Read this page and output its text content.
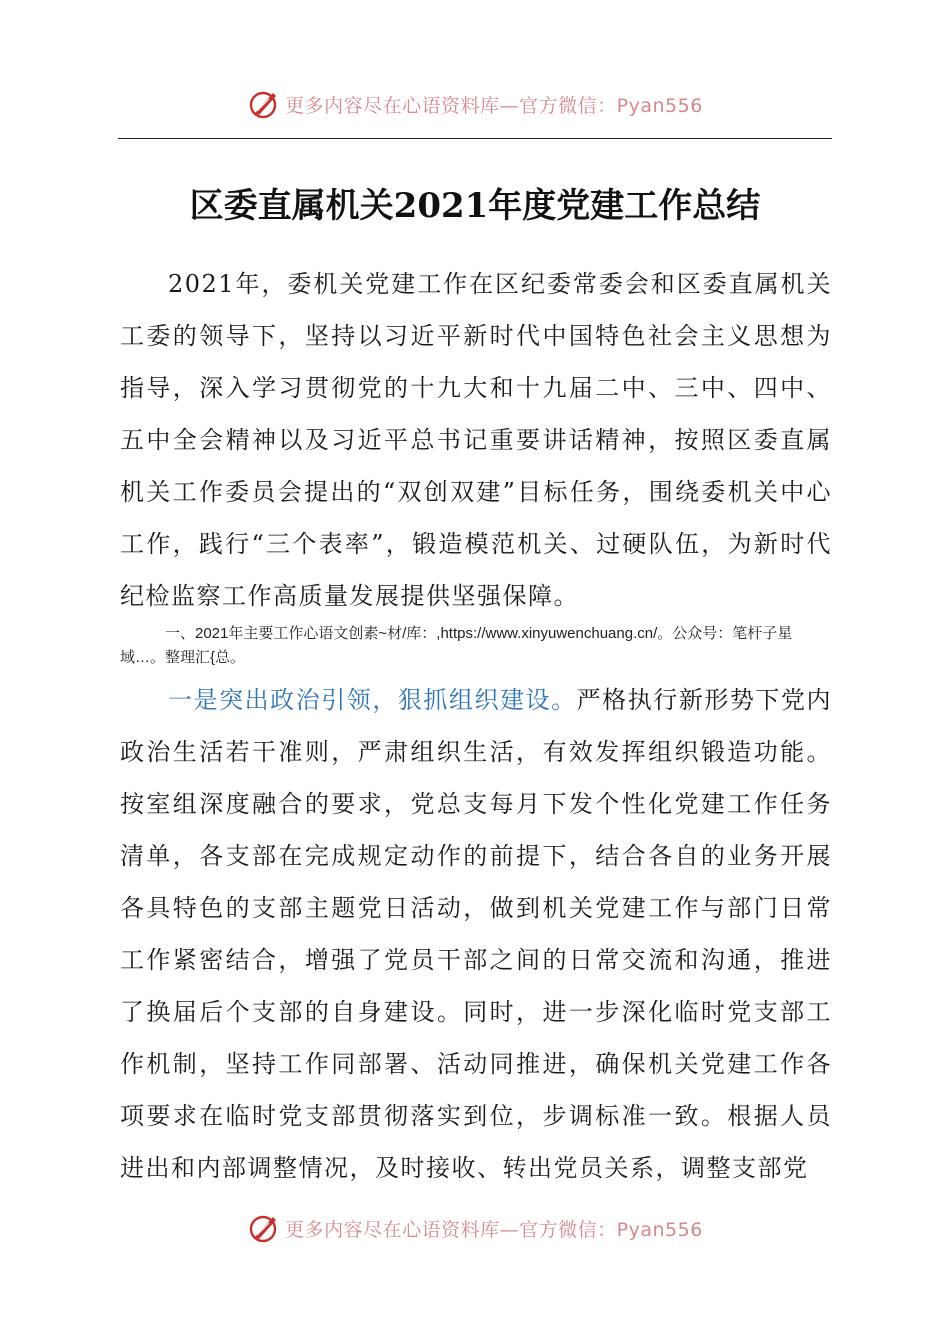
更多内容尽在心语资料库—官方微信：Pyan556
区委直属机关2021年度党建工作总结

2021年，委机关党建工作在区纪委常委会和区委直属机关工委的领导下，坚持以习近平新时代中国特色社会主义思想为指导，深入学习贯彻党的十九大和十九届二中、三中、四中、五中全会精神以及习近平总书记重要讲话精神，按照区委直属机关工作委员会提出的“双创双建”目标任务，围绕委机关中心工作，践行“三个表率”，锻造模范机关、过硬队伍，为新时代纪检监察工作高质量发展提供坚强保障。

一、2021年主要工作心语文创素~材/库：,https://www.xinyuwenchuang.cn/。公众号：笔杆子星域…。整理汇{总。

一是突出政治引领，狠抓组织建设。严格执行新形势下党内政治生活若干准则，严肃组织生活，有效发挥组织锻造功能。按室组深度融合的要求，党总支每月下发个性化党建工作任务清单，各支部在完成规定动作的前提下，结合各自的业务开展各具特色的支部主题党日活动，做到机关党建工作与部门日常工作紧密结合，增强了党员干部之间的日常交流和沟通，推进了换届后个支部的自身建设。同时，进一步深化临时党支部工作机制，坚持工作同部署、活动同推进，确保机关党建工作各项要求在临时党支部贯彻落实到位，步调标准一致。根据人员进出和内部调整情况，及时接收、转出党员关系，调整支部党

更多内容尽在心语资料库—官方微信：Pyan556
